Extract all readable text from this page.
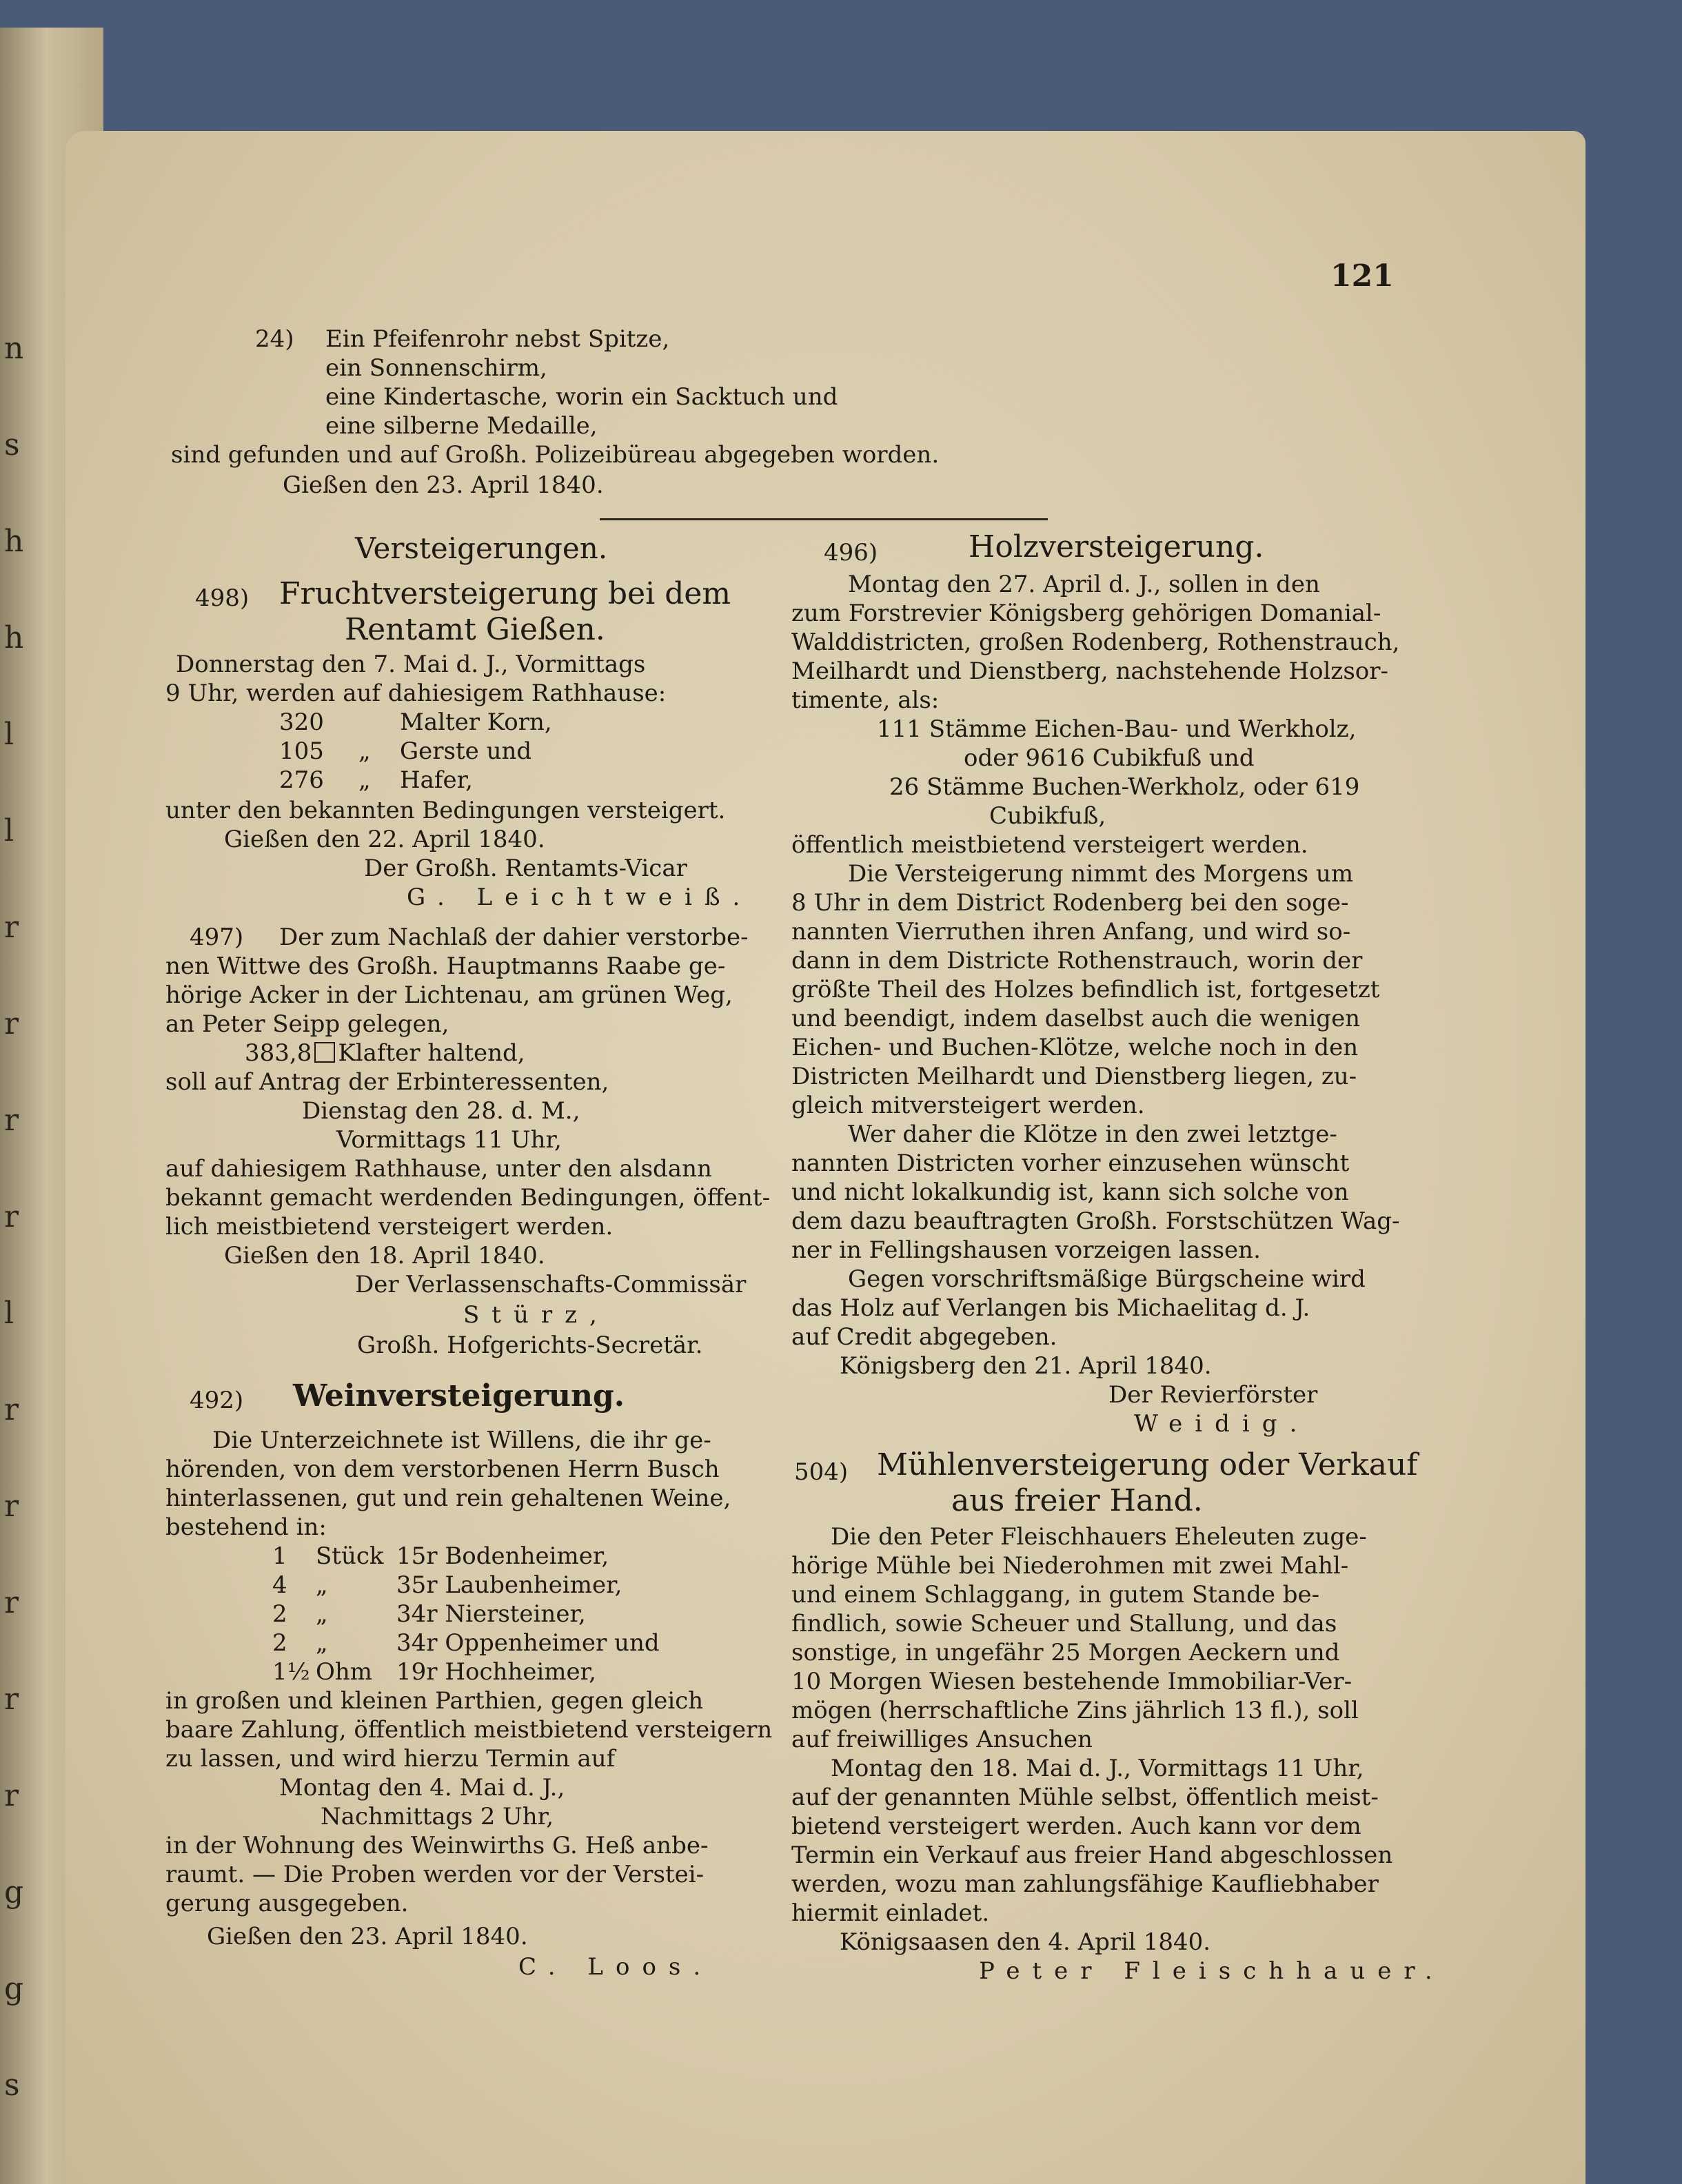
n
s
h
h
l
l
r
r
r
r
l
r
r
r
r
r
g
g
s
121
24) Ein Pfeifenrohr nebst Spitze,
ein Sonnenschirm,
eine Kindertasche, worin ein Sacktuch und
eine silberne Medaille,
sind gefunden und auf Großh. Polizeibüreau abgegeben worden.
Gießen den 23. April 1840.
Versteigerungen.
498) Fruchtversteigerung bei dem
Rentamt Gießen.
Donnerstag den 7. Mai d. J., Vormittags
9 Uhr, werden auf dahiesigem Rathhause:
320	Malter Korn,
105 „ Gerste und
276 „ Hafer,
unter den bekannten Bedingungen versteigert.
Gießen den 22. April 1840.
Der Großh. Rentamts-Vicar
G. Leichtweiß.
497) Der zum Nachlaß der dahier verstorbe-
nen Wittwe des Großh. Hauptmanns Raabe ge-
hörige Acker in der Lichtenau, am grünen Weg,
an Peter Seipp gelegen,
383,8 Klafter haltend,
soll auf Antrag der Erbinteressenten,
Dienstag den 28. d. M.,
Vormittags 11 Uhr,
auf dahiesigem Rathhause, unter den alsdann
bekannt gemacht werdenden Bedingungen, öffent-
lich meistbietend versteigert werden.
Gießen den 18. April 1840.
Der Verlassenschafts-Commissär
Stürz,
Großh. Hofgerichts-Secretär.
492) Weinversteigerung.
Die Unterzeichnete ist Willens, die ihr ge-
hörenden, von dem verstorbenen Herrn Busch
hinterlassenen, gut und rein gehaltenen Weine,
bestehend in:
1 Stück 15r Bodenheimer,
4 „	35r Laubenheimer,
2 „	34r Niersteiner,
2 „	34r Oppenheimer und
1½ Ohm 19r Hochheimer,
in großen und kleinen Parthien, gegen gleich
baare Zahlung, öffentlich meistbietend versteigern
zu lassen, und wird hierzu Termin auf
Montag den 4. Mai d. J.,
Nachmittags 2 Uhr,
in der Wohnung des Weinwirths G. Heß anbe-
raumt. — Die Proben werden vor der Verstei-
gerung ausgegeben.
Gießen den 23. April 1840.
C. Loos.
496)	Holzversteigerung.
Montag den 27. April d. J., sollen in den
zum Forstrevier Königsberg gehörigen Domanial-
Walddistricten, großen Rodenberg, Rothenstrauch,
Meilhardt und Dienstberg, nachstehende Holzsor-
timente, als:
111 Stämme Eichen-Bau- und Werkholz,
oder 9616 Cubikfuß und
26 Stämme Buchen-Werkholz, oder 619
Cubikfuß,
öffentlich meistbietend versteigert werden.
Die Versteigerung nimmt des Morgens um
8 Uhr in dem District Rodenberg bei den soge-
nannten Vierruthen ihren Anfang, und wird so-
dann in dem Districte Rothenstrauch, worin der
größte Theil des Holzes befindlich ist, fortgesetzt
und beendigt, indem daselbst auch die wenigen
Eichen- und Buchen-Klötze, welche noch in den
Districten Meilhardt und Dienstberg liegen, zu-
gleich mitversteigert werden.
Wer daher die Klötze in den zwei letztge-
nannten Districten vorher einzusehen wünscht
und nicht lokalkundig ist, kann sich solche von
dem dazu beauftragten Großh. Forstschützen Wag-
ner in Fellingshausen vorzeigen lassen.
Gegen vorschriftsmäßige Bürgscheine wird
das Holz auf Verlangen bis Michaelitag d. J.
auf Credit abgegeben.
Königsberg den 21. April 1840.
Der Revierförster
Weidig.
504) Mühlenversteigerung oder Verkauf
aus freier Hand.
Die den Peter Fleischhauers Eheleuten zuge-
hörige Mühle bei Niederohmen mit zwei Mahl-
und einem Schlaggang, in gutem Stande be-
findlich, sowie Scheuer und Stallung, und das
sonstige, in ungefähr 25 Morgen Aeckern und
10 Morgen Wiesen bestehende Immobiliar-Ver-
mögen (herrschaftliche Zins jährlich 13 fl.), soll
auf freiwilliges Ansuchen
Montag den 18. Mai d. J., Vormittags 11 Uhr,
auf der genannten Mühle selbst, öffentlich meist-
bietend versteigert werden. Auch kann vor dem
Termin ein Verkauf aus freier Hand abgeschlossen
werden, wozu man zahlungsfähige Kaufliebhaber
hiermit einladet.
Königsaasen den 4. April 1840.
Peter Fleischhauer.
